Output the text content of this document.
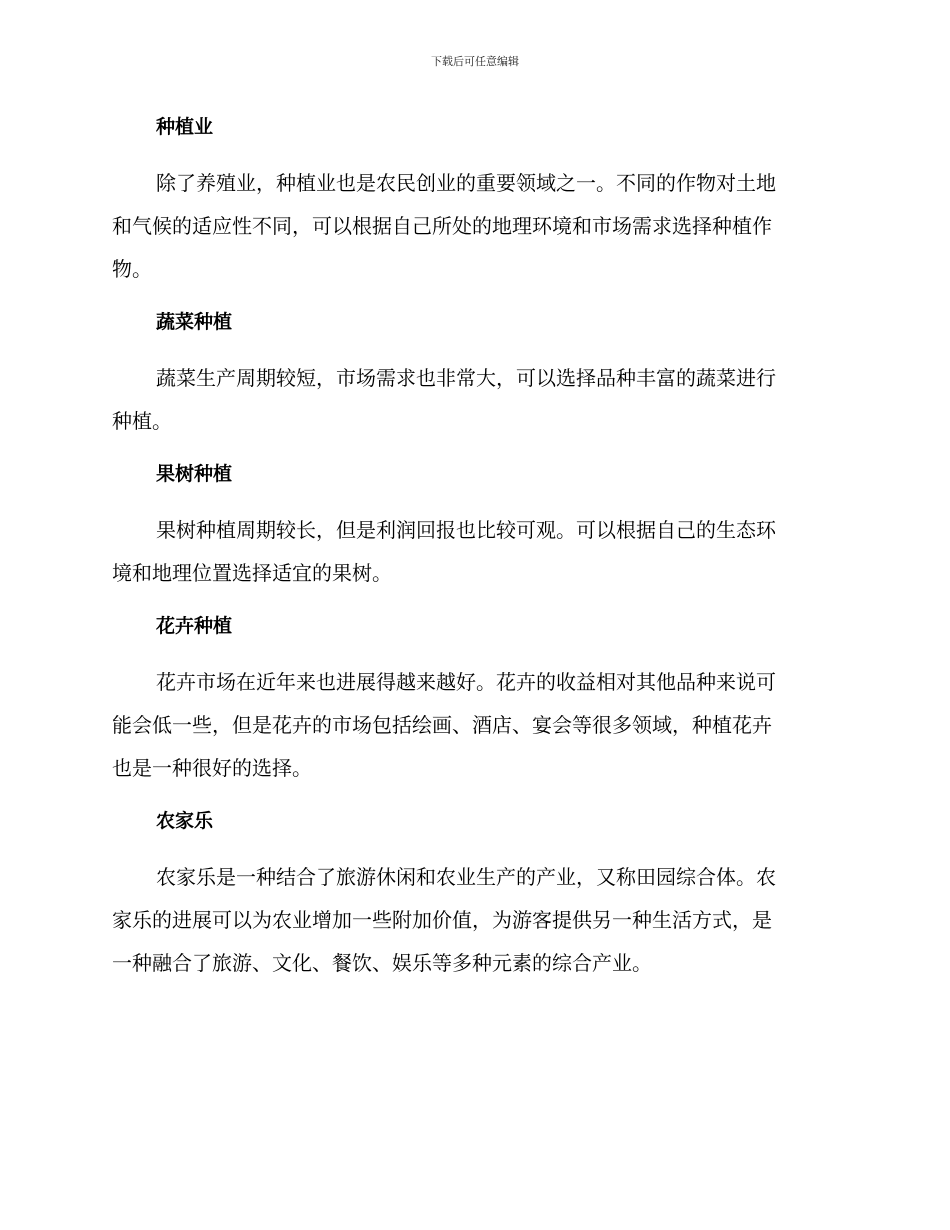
下载后可任意编辑
种植业
除了养殖业，种植业也是农民创业的重要领域之一。不同的作物对土地
和气候的适应性不同，可以根据自己所处的地理环境和市场需求选择种植作
物。
蔬菜种植
蔬菜生产周期较短，市场需求也非常大，可以选择品种丰富的蔬菜进行
种植。
果树种植
果树种植周期较长，但是利润回报也比较可观。可以根据自己的生态环
境和地理位置选择适宜的果树。
花卉种植
花卉市场在近年来也进展得越来越好。花卉的收益相对其他品种来说可
能会低一些，但是花卉的市场包括绘画、酒店、宴会等很多领域，种植花卉
也是一种很好的选择。
农家乐
农家乐是一种结合了旅游休闲和农业生产的产业，又称田园综合体。农
家乐的进展可以为农业增加一些附加价值，为游客提供另一种生活方式，是
一种融合了旅游、文化、餐饮、娱乐等多种元素的综合产业。
